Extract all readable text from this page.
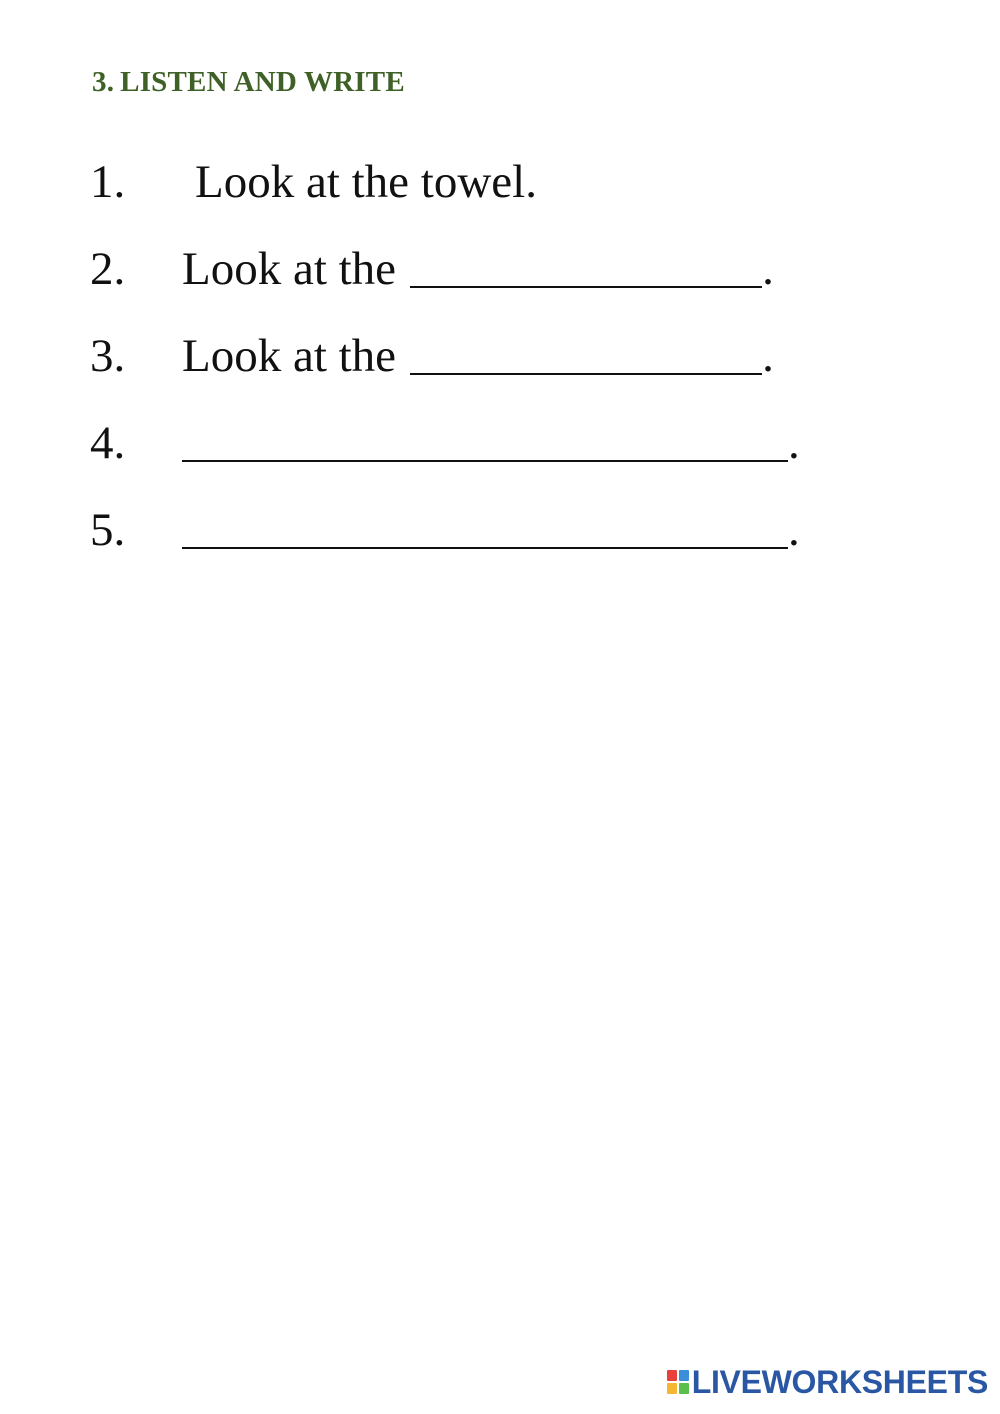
3. LISTEN AND WRITE
1. Look at the towel.
2. Look at the	.
3. Look at the	.
4.	.
5.	.
LIVEWORKSHEETS
